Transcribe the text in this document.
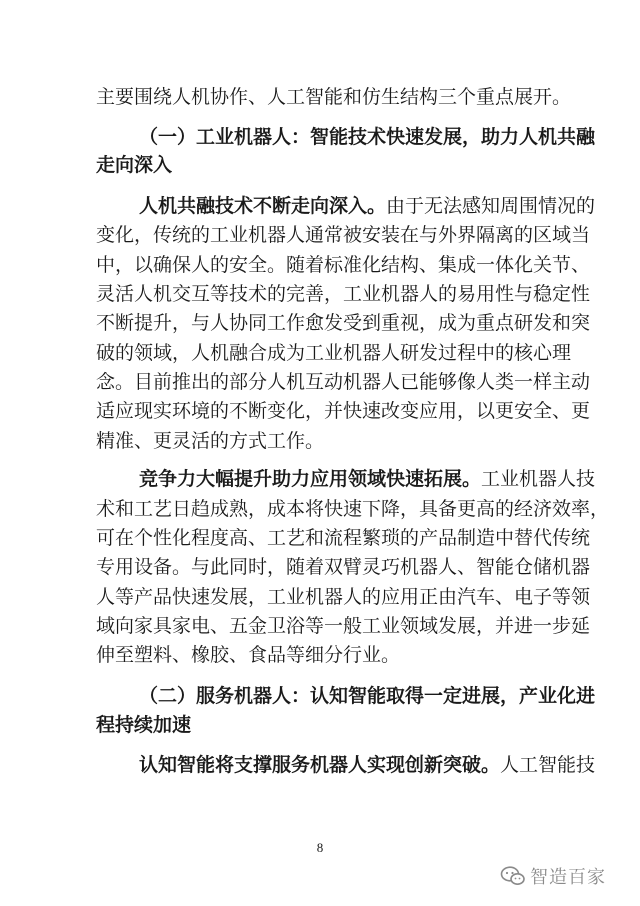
主要围绕人机协作、人工智能和仿生结构三个重点展开。
（一）工业机器人：智能技术快速发展，助力人机共融
走向深入
人机共融技术不断走向深入。由于无法感知周围情况的
变化，传统的工业机器人通常被安装在与外界隔离的区域当
中，以确保人的安全。随着标准化结构、集成一体化关节、
灵活人机交互等技术的完善，工业机器人的易用性与稳定性
不断提升，与人协同工作愈发受到重视，成为重点研发和突
破的领域，人机融合成为工业机器人研发过程中的核心理
念。目前推出的部分人机互动机器人已能够像人类一样主动
适应现实环境的不断变化，并快速改变应用，以更安全、更
精准、更灵活的方式工作。
竞争力大幅提升助力应用领域快速拓展。工业机器人技
术和工艺日趋成熟，成本将快速下降，具备更高的经济效率，
可在个性化程度高、工艺和流程繁琐的产品制造中替代传统
专用设备。与此同时，随着双臂灵巧机器人、智能仓储机器
人等产品快速发展，工业机器人的应用正由汽车、电子等领
域向家具家电、五金卫浴等一般工业领域发展，并进一步延
伸至塑料、橡胶、食品等细分行业。
（二）服务机器人：认知智能取得一定进展，产业化进
程持续加速
认知智能将支撑服务机器人实现创新突破。人工智能技
8
智造百家
